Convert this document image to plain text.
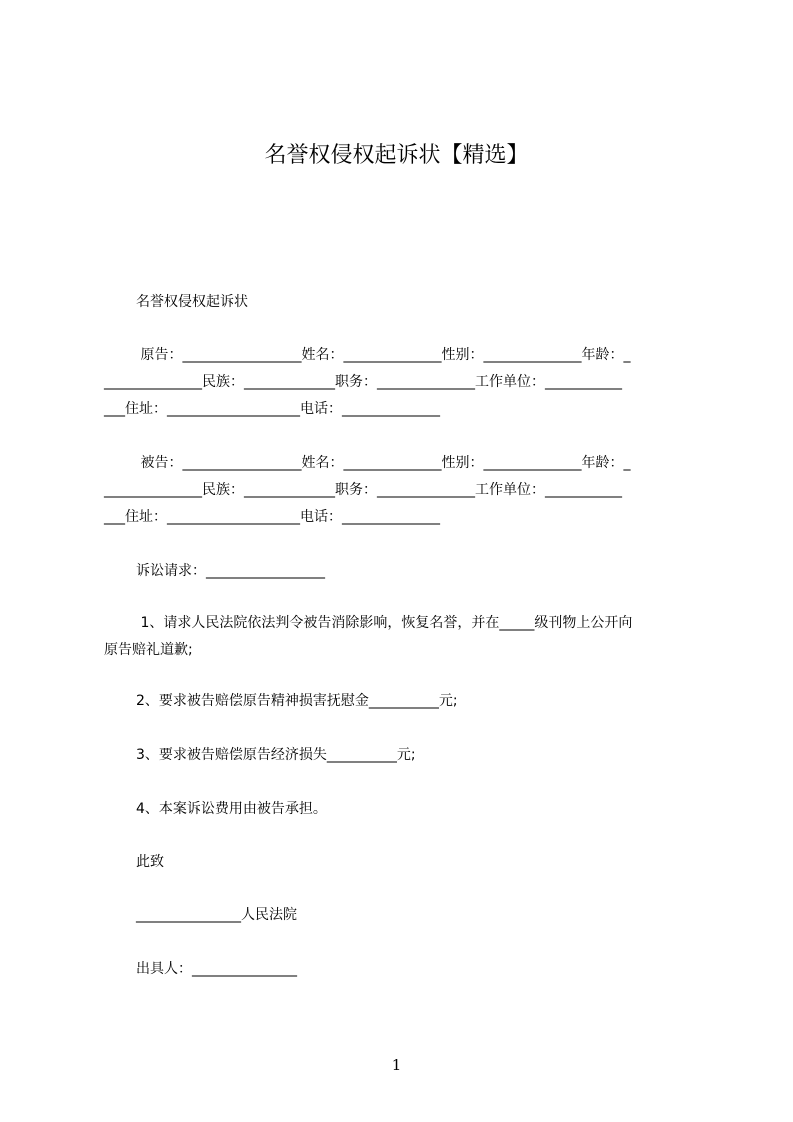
名誉权侵权起诉状【精选】

名誉权侵权起诉状

原告：_________________姓名：______________性别：______________年龄：_

______________民族：_____________职务：______________工作单位：___________

___住址：___________________电话：______________

被告：_________________姓名：______________性别：______________年龄：_

______________民族：_____________职务：______________工作单位：___________

___住址：___________________电话：______________

诉讼请求：_________________

1、请求人民法院依法判令被告消除影响，恢复名誉，并在_____级刊物上公开向

原告赔礼道歉;

2、要求被告赔偿原告精神损害抚慰金__________元;

3、要求被告赔偿原告经济损失__________元;

4、本案诉讼费用由被告承担。

此致

_______________人民法院

出具人：_______________

1
